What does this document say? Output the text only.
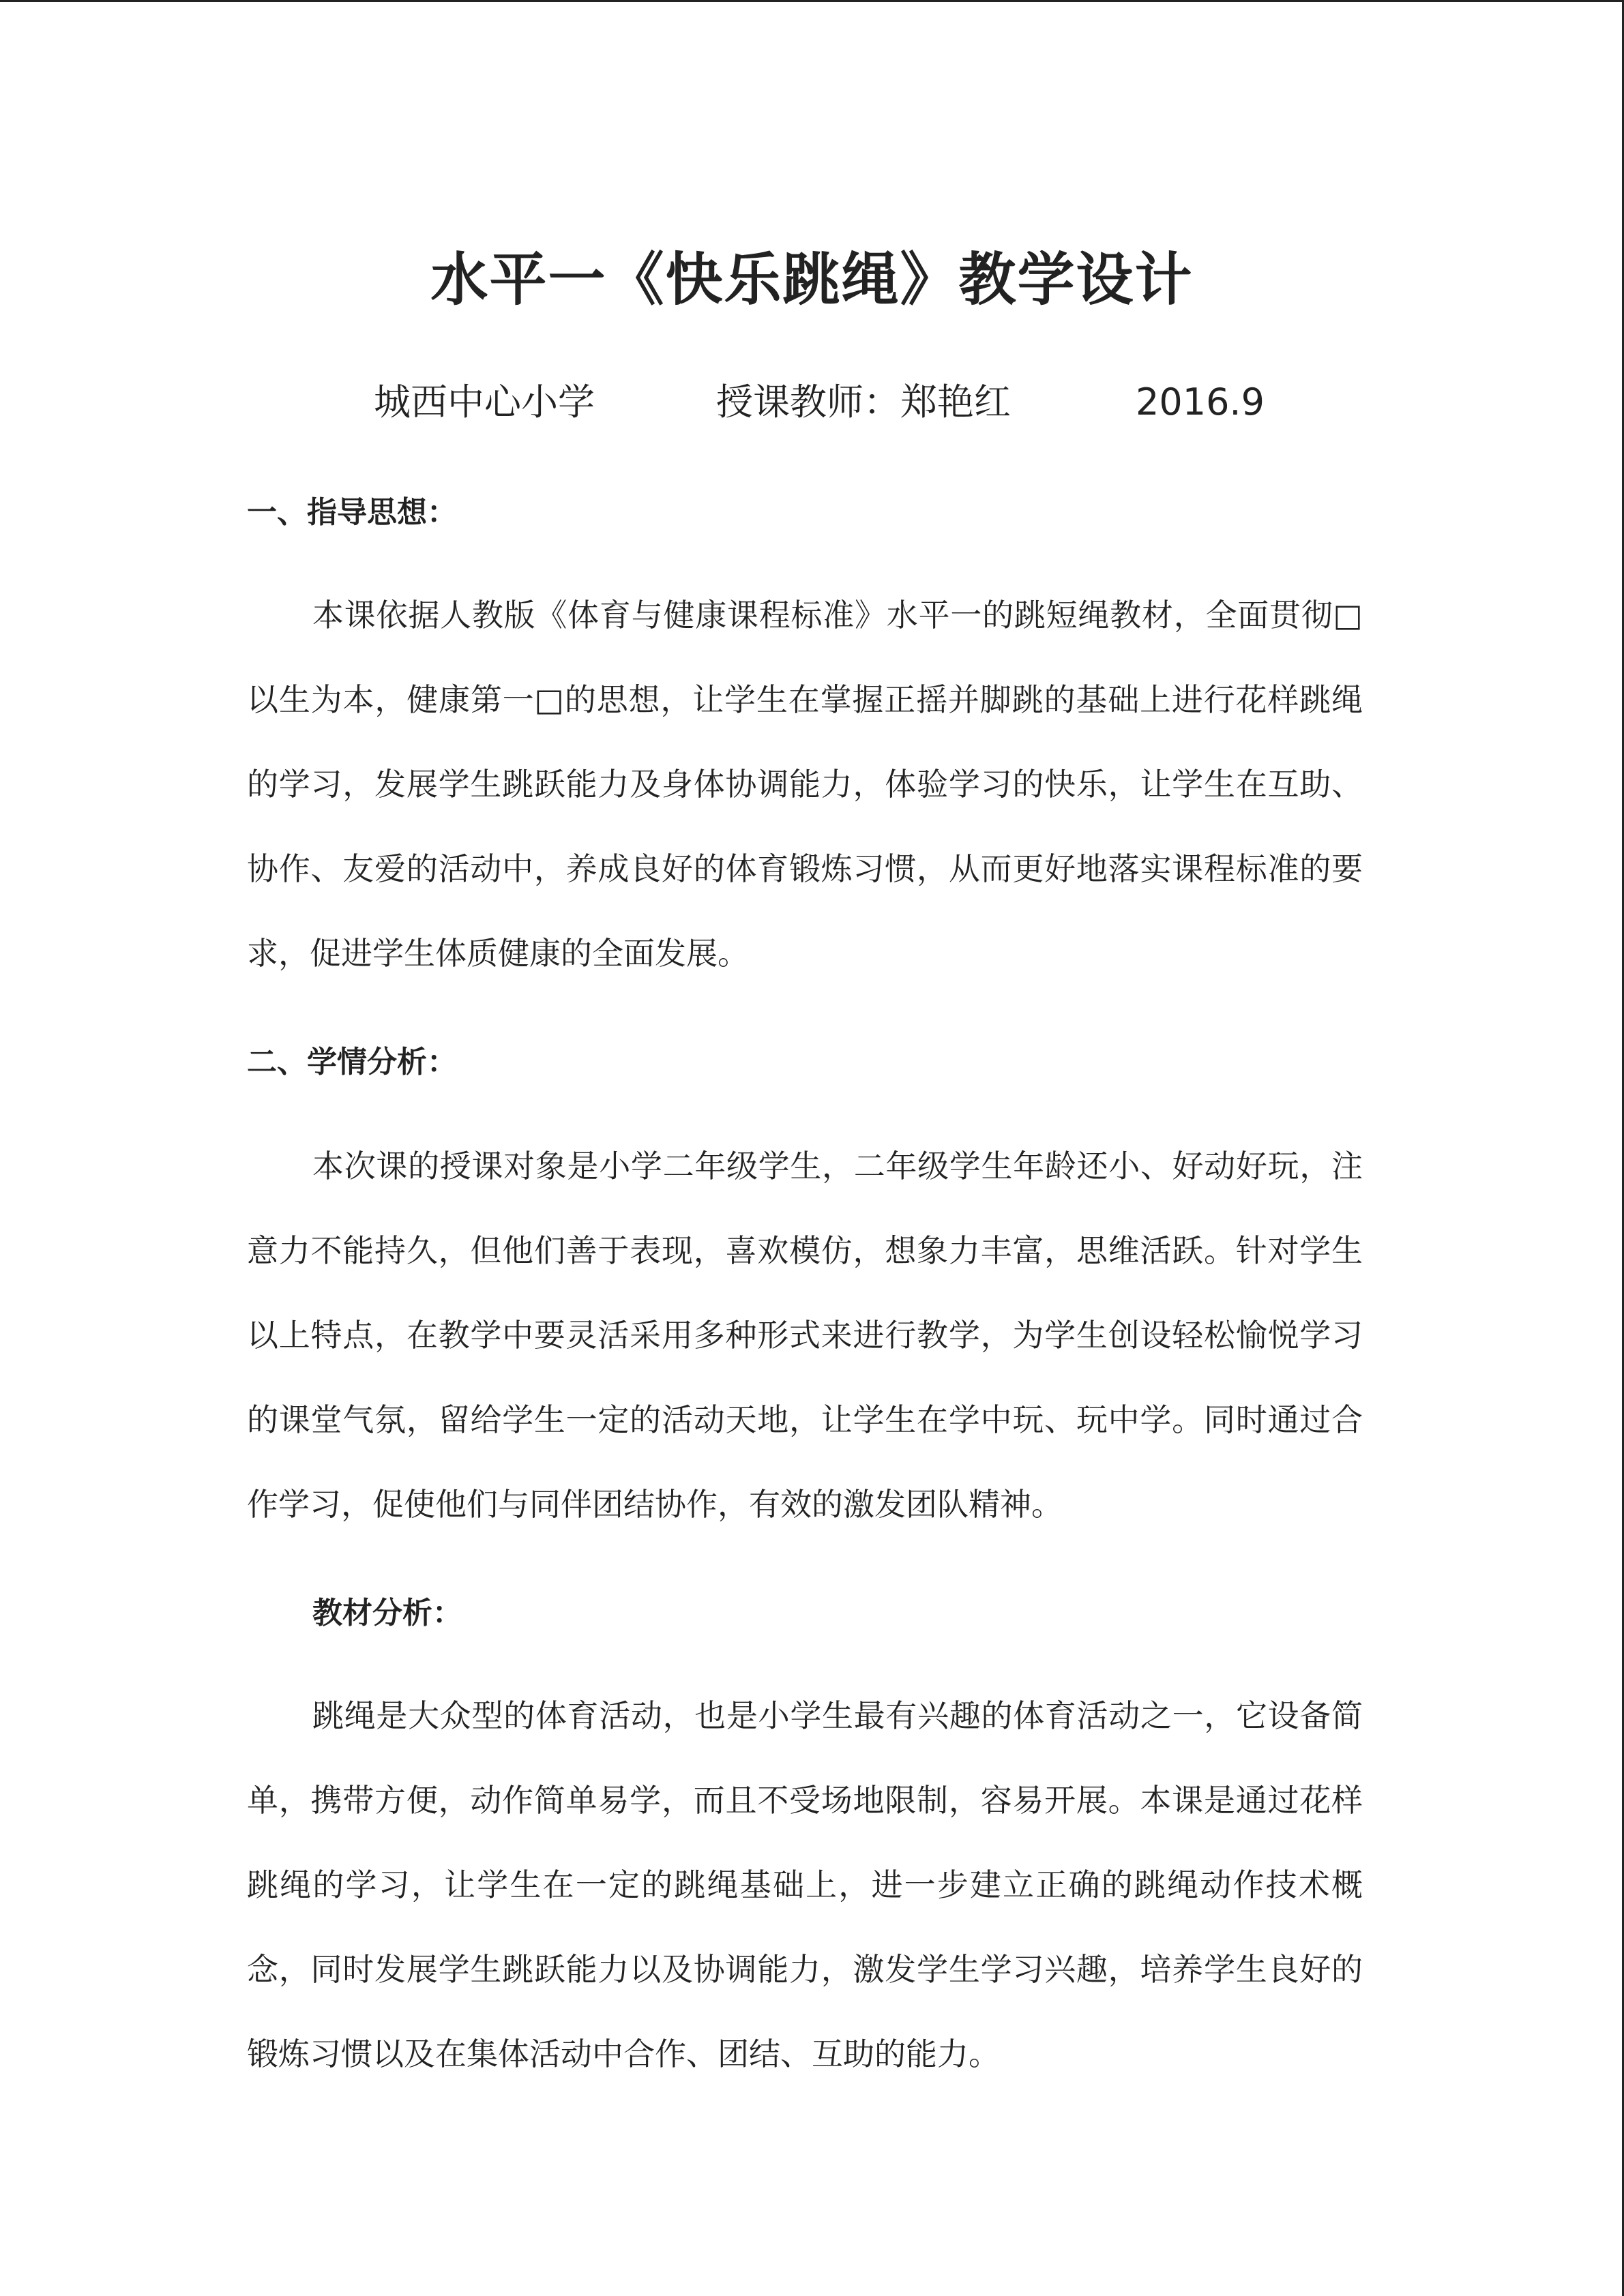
水平一《快乐跳绳》教学设计
城西中心小学	授课教师：郑艳红	2016.9
一、指导思想：

本课依据人教版《体育与健康课程标准》水平一的跳短绳教材，全面贯彻□以生为本，健康第一□的思想，让学生在掌握正摇并脚跳的基础上进行花样跳绳的学习，发展学生跳跃能力及身体协调能力，体验学习的快乐，让学生在互助、协作、友爱的活动中，养成良好的体育锻炼习惯，从而更好地落实课程标准的要求，促进学生体质健康的全面发展。

二、学情分析：

本次课的授课对象是小学二年级学生，二年级学生年龄还小、好动好玩，注意力不能持久，但他们善于表现，喜欢模仿，想象力丰富，思维活跃。针对学生以上特点，在教学中要灵活采用多种形式来进行教学，为学生创设轻松愉悦学习的课堂气氛，留给学生一定的活动天地，让学生在学中玩、玩中学。同时通过合作学习，促使他们与同伴团结协作，有效的激发团队精神。

教材分析：

跳绳是大众型的体育活动，也是小学生最有兴趣的体育活动之一，它设备简单，携带方便，动作简单易学，而且不受场地限制，容易开展。本课是通过花样跳绳的学习，让学生在一定的跳绳基础上，进一步建立正确的跳绳动作技术概念，同时发展学生跳跃能力以及协调能力，激发学生学习兴趣，培养学生良好的锻炼习惯以及在集体活动中合作、团结、互助的能力。
